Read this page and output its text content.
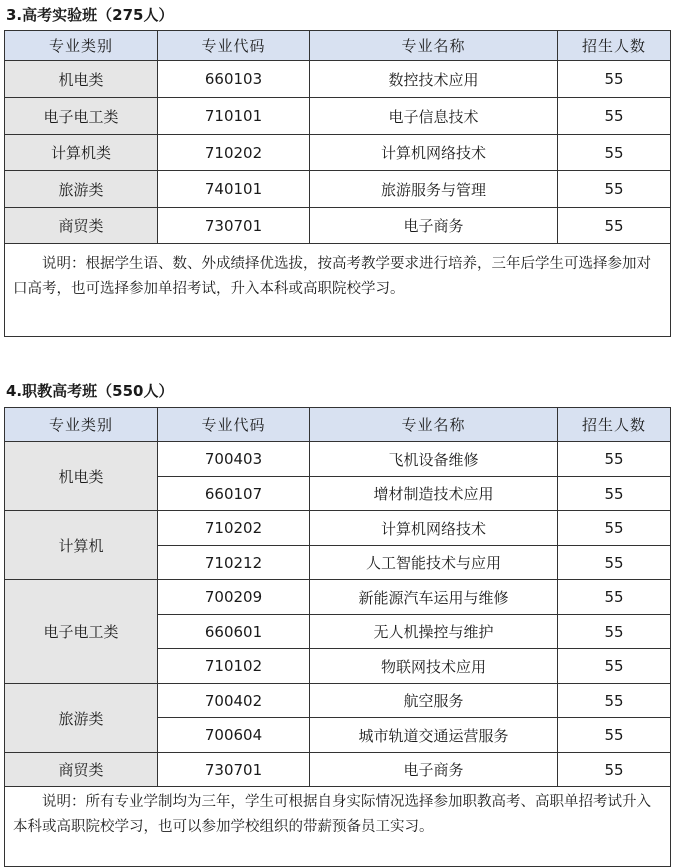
3.高考实验班（275人）
专业类别	专业代码	专业名称	招生人数
机电类	660103	数控技术应用	55
电子电工类	710101	电子信息技术	55
计算机类	710202	计算机网络技术	55
旅游类	740101	旅游服务与管理	55
商贸类	730701	电子商务	55
说明：根据学生语、数、外成绩择优选拔，按高考教学要求进行培养，三年后学生可选择参加对口高考，也可选择参加单招考试，升入本科或高职院校学习。			
4.职教高考班（550人）
专业类别	专业代码	专业名称	招生人数
机电类	700403	飞机设备维修	55
	660107	增材制造技术应用	55
计算机	710202	计算机网络技术	55
	710212	人工智能技术与应用	55
电子电工类	700209	新能源汽车运用与维修	55
	660601	无人机操控与维护	55
	710102	物联网技术应用	55
旅游类	700402	航空服务	55
	700604	城市轨道交通运营服务	55
商贸类	730701	电子商务	55
说明：所有专业学制均为三年，学生可根据自身实际情况选择参加职教高考、高职单招考试升入本科或高职院校学习，也可以参加学校组织的带薪预备员工实习。			
